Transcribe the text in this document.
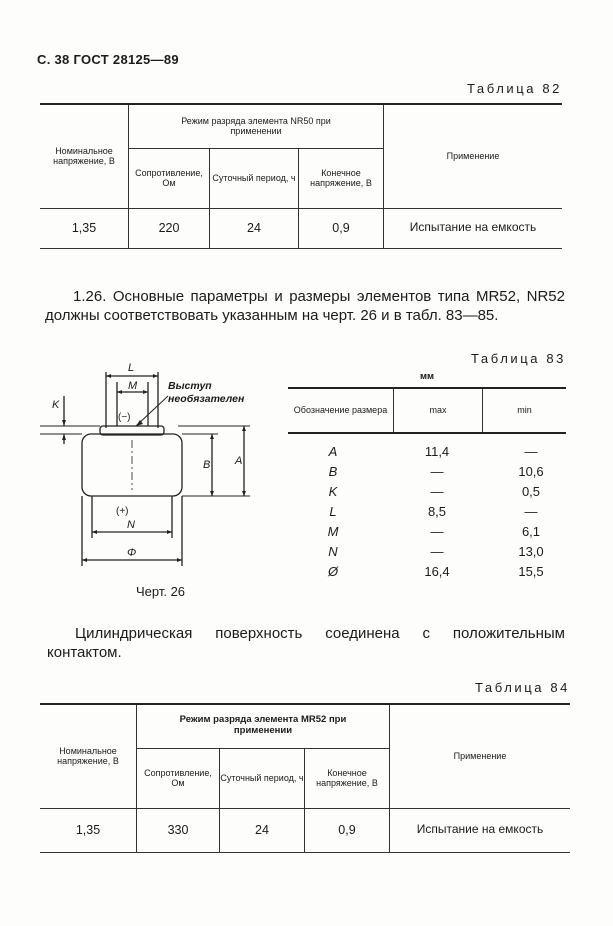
С. 38 ГОСТ 28125—89
Таблица 82
Номинальное напряжение, В	Режим разряда элемента NR50 при применении			Применение
	Сопротивление, Ом	Суточный период, ч	Конечное напряжение, В	
1,35	220	24	0,9	Испытание на емкость
1.26. Основные параметры и размеры элементов типа MR52, NR52 должны соответствовать указанным на черт. 26 и в табл. 83—85.
L
M
K
B A
N
Φ
Выступ
необязателен
(−)
(+)
Черт. 26
Таблица 83
мм
Обозначение размера	max	min
A	11,4	—
B	—	10,6
K	—	0,5
L	8,5	—
M	—	6,1
N	—	13,0
Ø	16,4	15,5
Цилиндрическая поверхность соединена с положительным контактом.
Таблица 84
Номинальное напряжение, В	Режим разряда элемента MR52 при применении			Применение
	Сопротивление, Ом	Суточный период, ч	Конечное напряжение, В	
1,35	330	24	0,9	Испытание на емкость
